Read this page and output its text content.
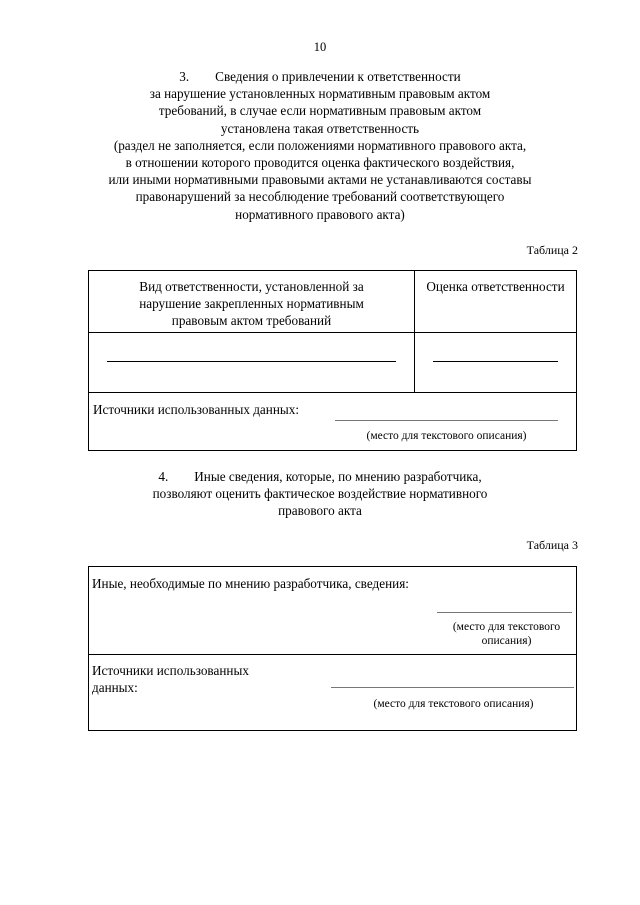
10
3. Сведения о привлечении к ответственности
за нарушение установленных нормативным правовым актом
требований, в случае если нормативным правовым актом
установлена такая ответственность
(раздел не заполняется, если положениями нормативного правового акта,
в отношении которого проводится оценка фактического воздействия,
или иными нормативными правовыми актами не устанавливаются составы
правонарушений за несоблюдение требований соответствующего
нормативного правового акта)
Таблица 2
Вид ответственности, установленной за нарушение закрепленных нормативным правовым актом требований	Оценка ответственности

Источники использованных данных:
(место для текстового описания)	
4. Иные сведения, которые, по мнению разработчика,
позволяют оценить фактическое воздействие нормативного
правового акта
Таблица 3
Иные, необходимые по мнению разработчика, сведения:
(место для текстового описания)

Источники использованных данных:
(место для текстового описания)
